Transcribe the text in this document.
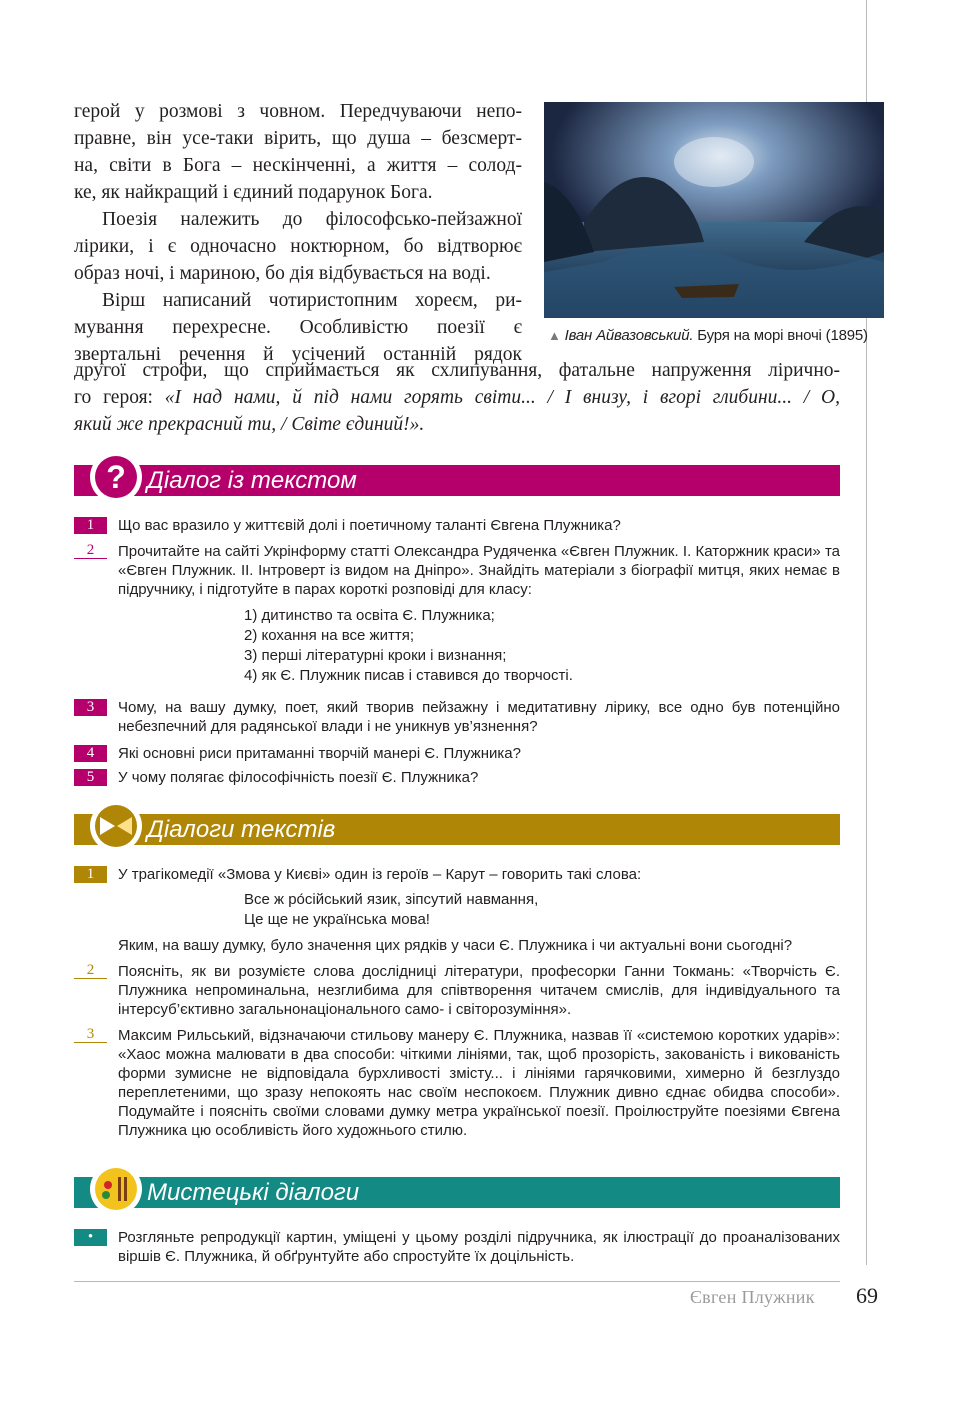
герой у розмові з човном. Передчуваючи непо-

правне, він усе-таки вірить, що душа – безсмерт-

на, світи в Бога – нескінченні, а життя – солод-

ке, як найкращий і єдиний подарунок Бога.

Поезія належить до філософсько-пейзажної

лірики, і є одночасно ноктюрном, бо відтворює

образ ночі, і мариною, бо дія відбувається на воді.

Вірш написаний чотиристопним хореєм, ри-

мування перехресне. Особливістю поезії є

звертальні речення й усічений останній рядок

▲ Іван Айвазовський. Буря на морі вночі (1895)

другої строфи, що сприймається як схлипування, фатальне напруження лірично-

го героя: «І над нами, й під нами горять світи... / І внизу, і вгорі глибини... / О,

який же прекрасний ти, / Світе єдиний!».

? Діалог із текстом
1	Що вас вразило у життєвій долі і поетичному таланті Євгена Плужника?
2	Прочитайте на сайті Укрінформу статті Олександра Рудяченка «Євген Плужник. I. Каторжник краси» та «Євген Плужник. II. Інтроверт із видом на Дніпро». Знайдіть матеріали з біографії митця, яких немає в підручнику, і підготуйте в парах короткі розповіді для класу:
1) дитинство та освіта Є. Плужника;
2) кохання на все життя;
3) перші літературні кроки і визнання;
4) як Є. Плужник писав і ставився до творчості.
3	Чому, на вашу думку, поет, який творив пейзажну і медитативну лірику, все одно був потенційно небезпечний для радянської влади і не уникнув ув’язнення?
4	Які основні риси притаманні творчій манері Є. Плужника?
5	У чому полягає філософічність поезії Є. Плужника?
Діалоги текстів
1	У трагікомедії «Змова у Києві» один із героїв – Карут – говорить такі слова:
Все ж ро́сійський язик, зіпсутий навмання,
Це ще не українська мова!
Яким, на вашу думку, було значення цих рядків у часи Є. Плужника і чи актуальні вони сьогодні?
2	Поясніть, як ви розумієте слова дослідниці літератури, професорки Ганни Токмань: «Творчість Є. Плужника непроминальна, незглибима для співтворення читачем смислів, для індивідуального та інтерсуб’єктивно загальнонаціонального само- і світорозуміння».
3	Максим Рильський, відзначаючи стильову манеру Є. Плужника, назвав її «системою коротких ударів»: «Хаос можна малювати в два способи: чіткими лініями, так, щоб прозорість, закованість і викованість форми зумисне не відповідала бурхливості змісту... і лініями гарячковими, химерно й безглуздо переплетеними, що зразу непокоять нас своїм неспокоєм. Плужник дивно єднає обидва способи». Подумайте і поясніть своїми словами думку метра української поезії. Проілюструйте поезіями Євгена Плужника цю особливість його художнього стилю.
Мистецькі діалоги
•	Розгляньте репродукції картин, уміщені у цьому розділі підручника, як ілюстрації до проаналізованих віршів Є. Плужника, й обґрунтуйте або спростуйте їх доцільність.
Євген Плужник 69
